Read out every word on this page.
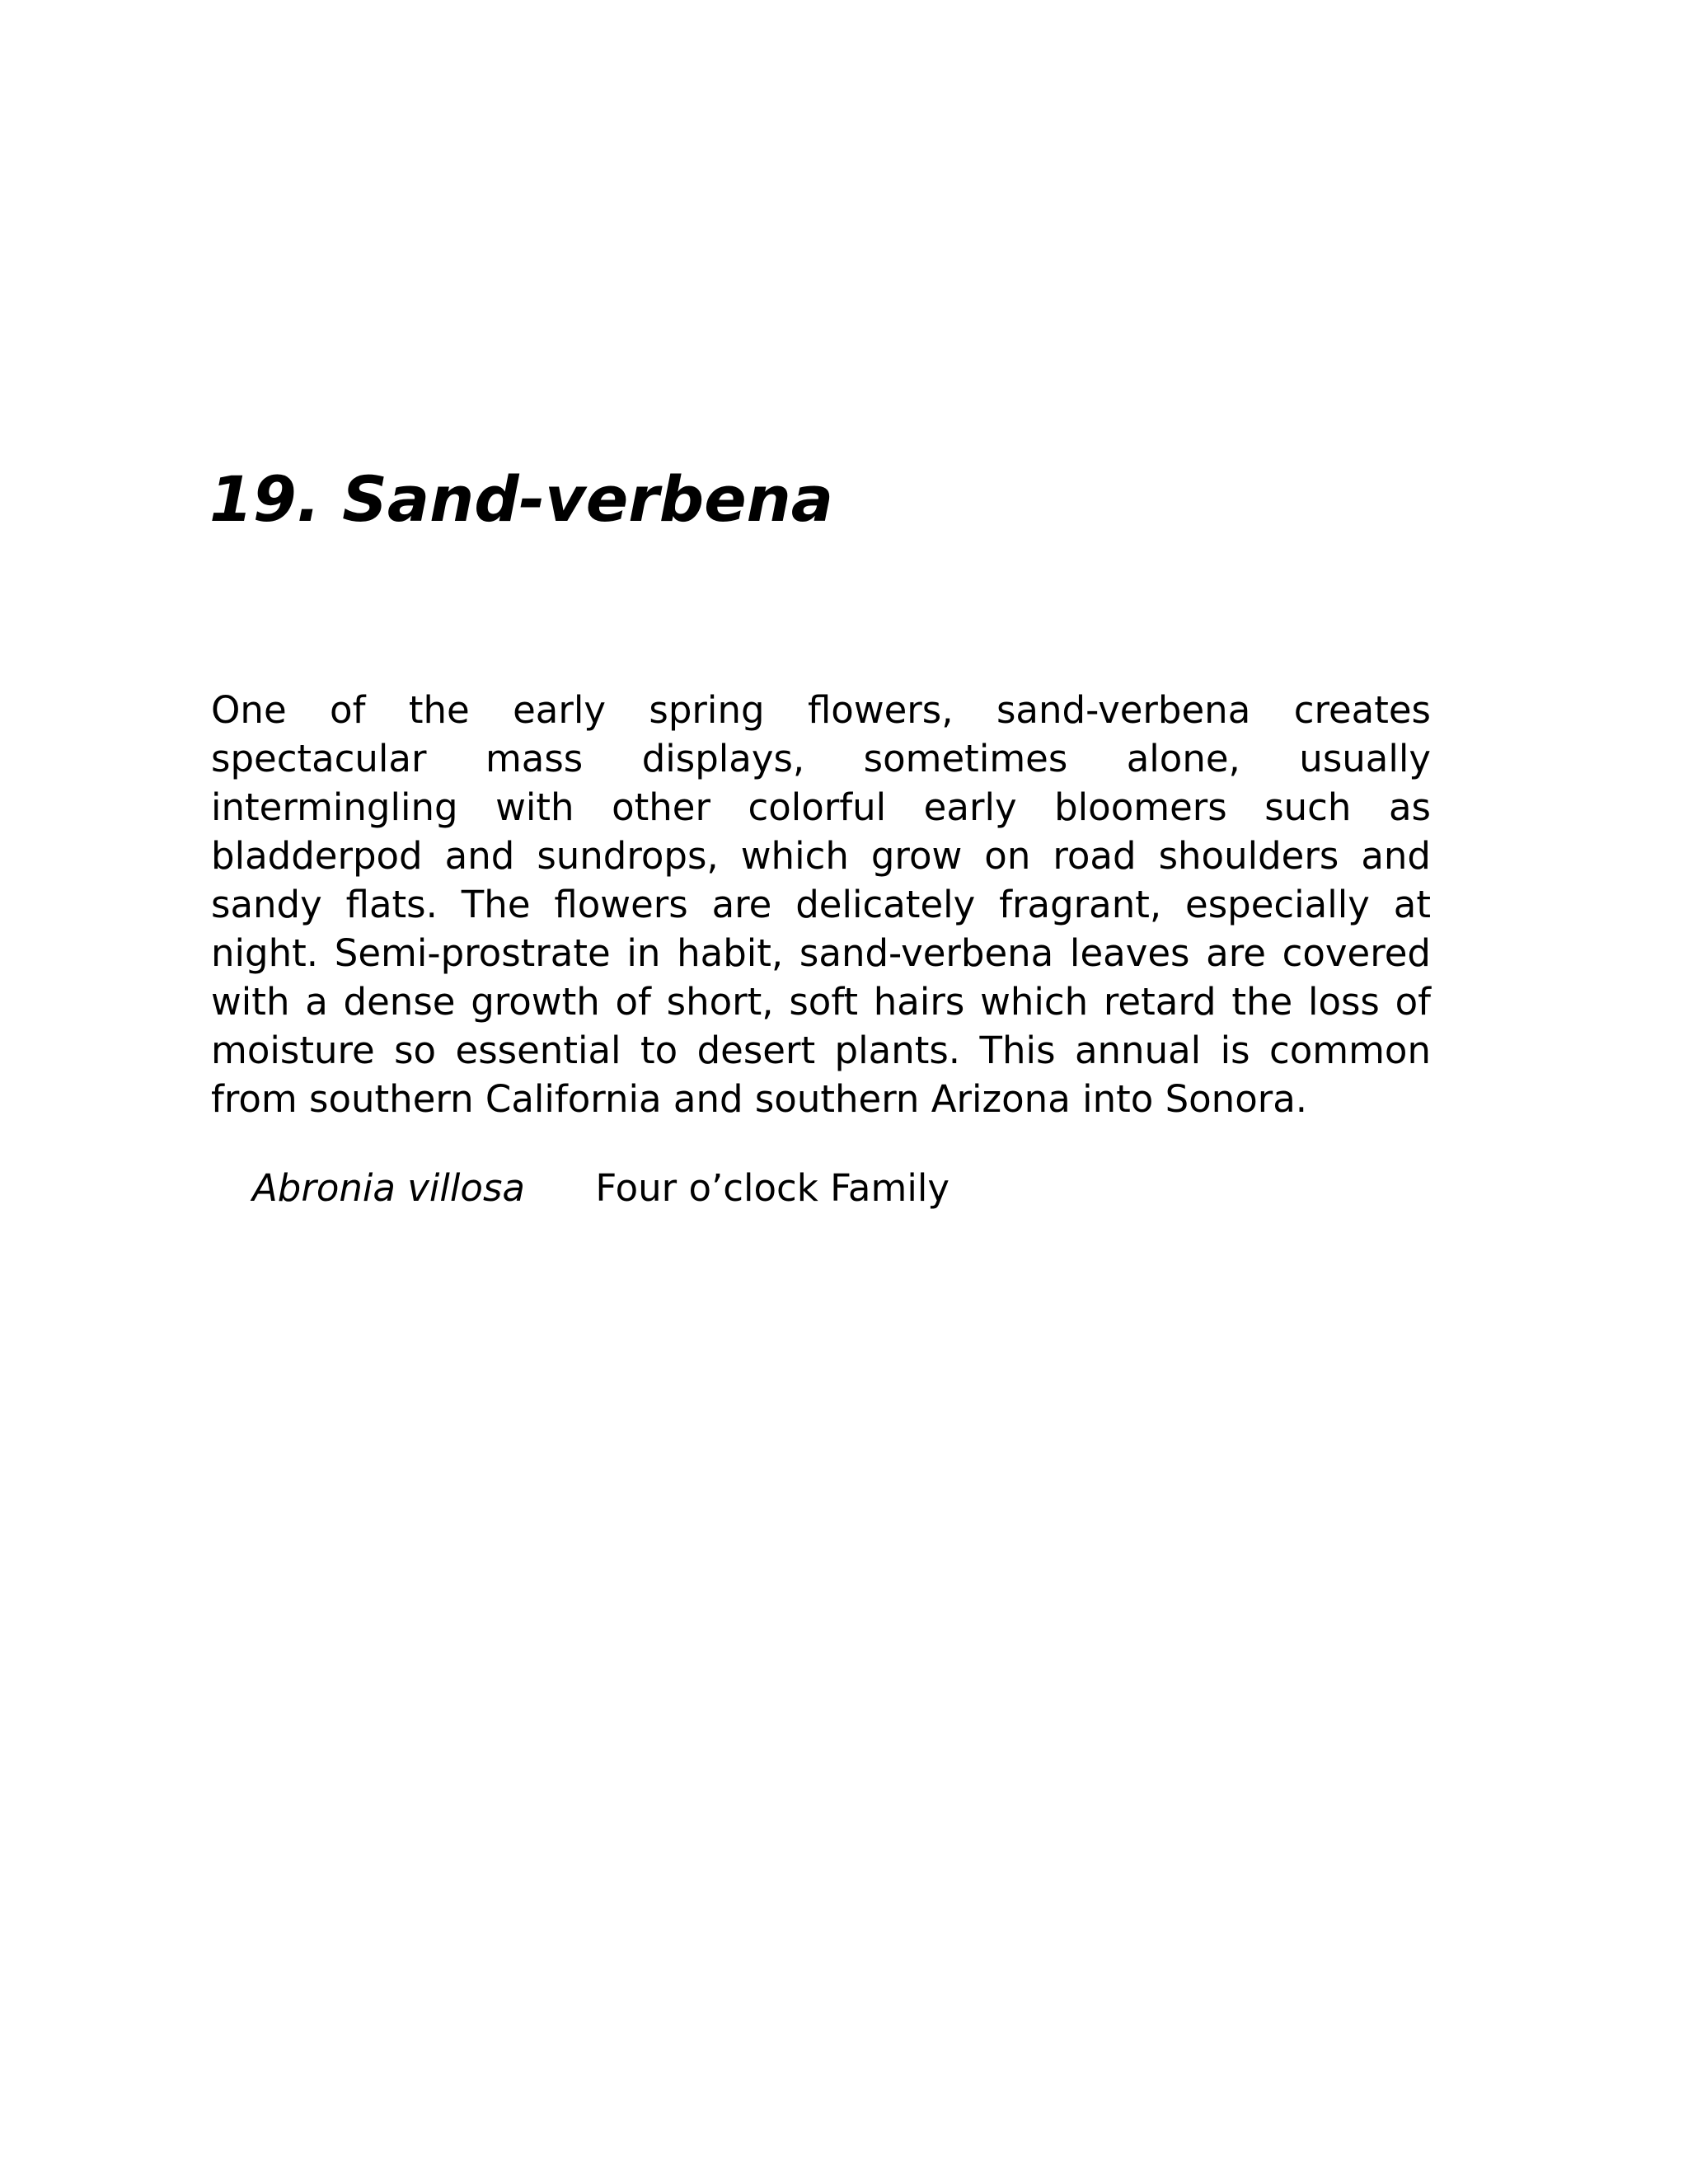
19. Sand-verbena

One of the early spring flowers, sand-verbena creates spectacular mass displays, sometimes alone, usually intermingling with other colorful early bloomers such as bladderpod and sundrops, which grow on road shoulders and sandy flats. The flowers are delicately fragrant, especially at night. Semi-prostrate in habit, sand-verbena leaves are covered with a dense growth of short, soft hairs which retard the loss of moisture so essential to desert plants. This annual is common from southern California and southern Arizona into Sonora.

Abronia villosa Four o’clock Family
